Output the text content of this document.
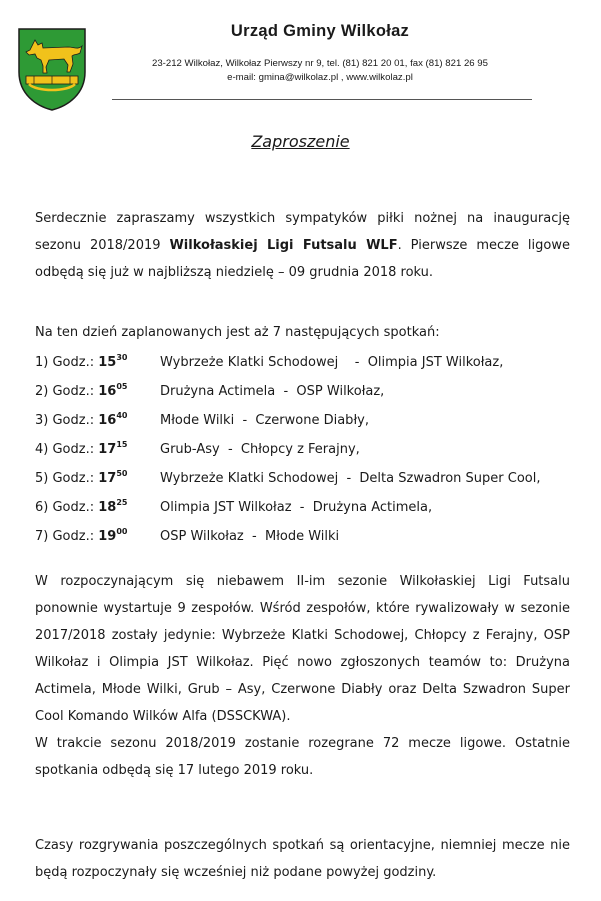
Urząd Gminy Wilkołaz
23-212 Wilkołaz, Wilkołaz Pierwszy nr 9, tel. (81) 821 20 01, fax (81) 821 26 95
e-mail: gmina@wilkolaz.pl , www.wilkolaz.pl
Zaproszenie

Serdecznie zapraszamy wszystkich sympatyków piłki nożnej na inaugurację sezonu 2018/2019 Wilkołaskiej Ligi Futsalu WLF. Pierwsze mecze ligowe odbędą się już w najbliższą niedzielę – 09 grudnia 2018 roku.

Na ten dzień zaplanowanych jest aż 7 następujących spotkań:

1) Godz.: $15^{30}$	Wybrzeże Klatki Schodowej    -  Olimpia JST Wilkołaz,
2) Godz.: $16^{05}$	Drużyna Actimela  -  OSP Wilkołaz,
3) Godz.: $16^{40}$	Młode Wilki  -  Czerwone Diabły,
4) Godz.: $17^{15}$	Grub-Asy  -  Chłopcy z Ferajny,
5) Godz.: $17^{50}$	Wybrzeże Klatki Schodowej  -  Delta Szwadron Super Cool,
6) Godz.: $18^{25}$	Olimpia JST Wilkołaz  -  Drużyna Actimela,
7) Godz.: $19^{00}$	OSP Wilkołaz  -  Młode Wilki

W rozpoczynającym się niebawem II-im sezonie Wilkołaskiej Ligi Futsalu ponownie wystartuje 9 zespołów. Wśród zespołów, które rywalizowały w sezonie 2017/2018 zostały jedynie: Wybrzeże Klatki Schodowej, Chłopcy z Ferajny, OSP Wilkołaz i Olimpia JST Wilkołaz. Pięć nowo zgłoszonych teamów to: Drużyna Actimela, Młode Wilki, Grub – Asy, Czerwone Diabły oraz Delta Szwadron Super Cool Komando Wilków Alfa (DSSCKWA).
W trakcie sezonu 2018/2019 zostanie rozegrane 72 mecze ligowe. Ostatnie spotkania odbędą się 17 lutego 2019 roku.

Czasy rozgrywania poszczególnych spotkań są orientacyjne, niemniej mecze nie będą rozpoczynały się wcześniej niż podane powyżej godziny.
